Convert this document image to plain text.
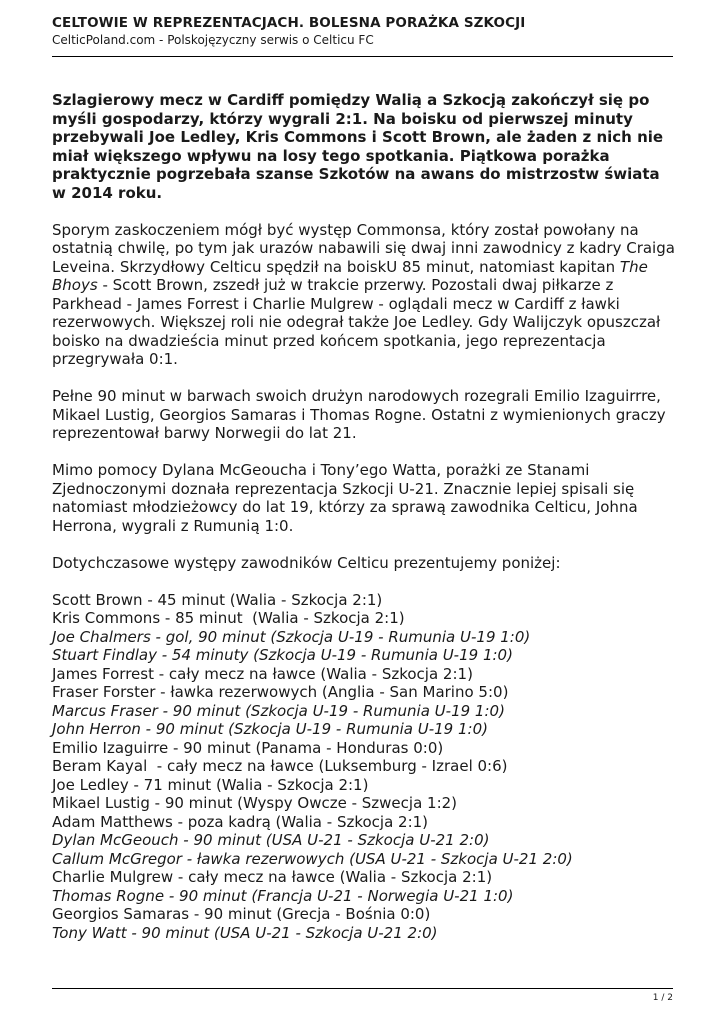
CELTOWIE W REPREZENTACJACH. BOLESNA PORAŻKA SZKOCJI
CelticPoland.com - Polskojęzyczny serwis o Celticu FC

Szlagierowy mecz w Cardiff pomiędzy Walią a Szkocją zakończył się po myśli gospodarzy, którzy wygrali 2:1. Na boisku od pierwszej minuty przebywali Joe Ledley, Kris Commons i Scott Brown, ale żaden z nich nie miał większego wpływu na losy tego spotkania. Piątkowa porażka praktycznie pogrzebała szanse Szkotów na awans do mistrzostw świata w 2014 roku.

Sporym zaskoczeniem mógł być występ Commonsa, który został powołany na ostatnią chwilę, po tym jak urazów nabawili się dwaj inni zawodnicy z kadry Craiga Leveina. Skrzydłowy Celticu spędził na boiskU 85 minut, natomiast kapitan The Bhoys - Scott Brown, zszedł już w trakcie przerwy. Pozostali dwaj piłkarze z Parkhead - James Forrest i Charlie Mulgrew - oglądali mecz w Cardiff z ławki rezerwowych. Większej roli nie odegrał także Joe Ledley. Gdy Walijczyk opuszczał boisko na dwadzieścia minut przed końcem spotkania, jego reprezentacja przegrywała 0:1.

Pełne 90 minut w barwach swoich drużyn narodowych rozegrali Emilio Izaguirrre, Mikael Lustig, Georgios Samaras i Thomas Rogne. Ostatni z wymienionych graczy reprezentował barwy Norwegii do lat 21.

Mimo pomocy Dylana McGeoucha i Tony’ego Watta, porażki ze Stanami Zjednoczonymi doznała reprezentacja Szkocji U-21. Znacznie lepiej spisali się natomiast młodzieżowcy do lat 19, którzy za sprawą zawodnika Celticu, Johna Herrona, wygrali z Rumunią 1:0.

Dotychczasowe występy zawodników Celticu prezentujemy poniżej:

Scott Brown - 45 minut (Walia - Szkocja 2:1)
Kris Commons - 85 minut  (Walia - Szkocja 2:1)
Joe Chalmers - gol, 90 minut (Szkocja U-19 - Rumunia U-19 1:0)
Stuart Findlay - 54 minuty (Szkocja U-19 - Rumunia U-19 1:0)
James Forrest - cały mecz na ławce (Walia - Szkocja 2:1)
Fraser Forster - ławka rezerwowych (Anglia - San Marino 5:0)
Marcus Fraser - 90 minut (Szkocja U-19 - Rumunia U-19 1:0)
John Herron - 90 minut (Szkocja U-19 - Rumunia U-19 1:0)
Emilio Izaguirre - 90 minut (Panama - Honduras 0:0)
Beram Kayal  - cały mecz na ławce (Luksemburg - Izrael 0:6)
Joe Ledley - 71 minut (Walia - Szkocja 2:1)
Mikael Lustig - 90 minut (Wyspy Owcze - Szwecja 1:2)
Adam Matthews - poza kadrą (Walia - Szkocja 2:1)
Dylan McGeouch - 90 minut (USA U-21 - Szkocja U-21 2:0)
Callum McGregor - ławka rezerwowych (USA U-21 - Szkocja U-21 2:0)
Charlie Mulgrew - cały mecz na ławce (Walia - Szkocja 2:1)
Thomas Rogne - 90 minut (Francja U-21 - Norwegia U-21 1:0)
Georgios Samaras - 90 minut (Grecja - Bośnia 0:0)
Tony Watt - 90 minut (USA U-21 - Szkocja U-21 2:0)
1 / 2
